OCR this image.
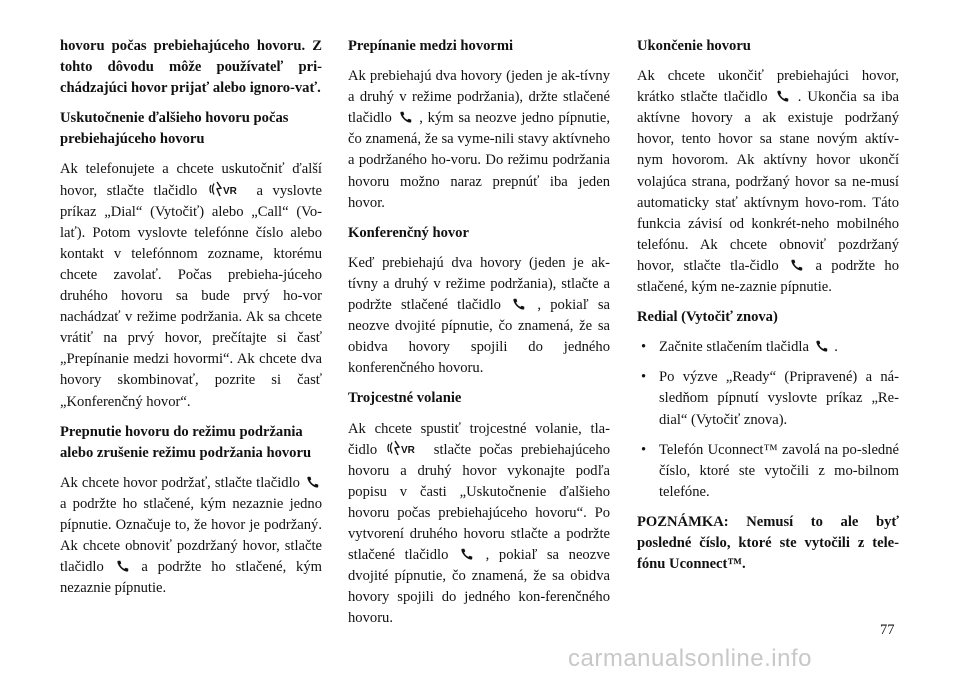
hovoru počas prebiehajúceho hovoru. Z tohto dôvodu môže používateľ pri-chádzajúci hovor prijať alebo ignoro-vať.

Uskutočnenie ďalšieho hovoru počas prebiehajúceho hovoru

Ak telefonujete a chcete uskutočniť ďalší hovor, stlačte tlačidlo	VR a vyslovte príkaz „Dial“ (Vytočiť) alebo „Call“ (Vo-lať). Potom vyslovte telefónne číslo alebo kontakt v telefónnom zozname, ktorému chcete zavolať. Počas prebieha-júceho druhého hovoru sa bude prvý ho-vor nachádzať v režime podržania. Ak sa chcete vrátiť na prvý hovor, prečítajte si časť „Prepínanie medzi hovormi“. Ak chcete dva hovory skombinovať, pozrite si časť „Konferenčný hovor“.

Prepnutie hovoru do režimu podržania alebo zrušenie režimu podržania hovoru

Ak chcete hovor podržať, stlačte tlačidlo  a podržte ho stlačené, kým nezaznie jedno pípnutie. Označuje to, že hovor je podržaný. Ak chcete obnoviť pozdržaný hovor, stlačte tlačidlo	a podržte ho stlačené, kým nezaznie pípnutie.

Prepínanie medzi hovormi

Ak prebiehajú dva hovory (jeden je ak-tívny a druhý v režime podržania), držte stlačené tlačidlo , kým sa neozve jedno pípnutie, čo znamená, že sa vyme-nili stavy aktívneho a podržaného ho-voru. Do režimu podržania hovoru možno naraz prepnúť iba jeden hovor.

Konferenčný hovor

Keď prebiehajú dva hovory (jeden je ak-tívny a druhý v režime podržania), stlačte a podržte stlačené tlačidlo , pokiaľ sa neozve dvojité pípnutie, čo znamená, že sa obidva hovory spojili do jedného konferenčného hovoru.

Trojcestné volanie

Ak chcete spustiť trojcestné volanie, tla-čidlo VR stlačte počas prebiehajúceho hovoru a druhý hovor vykonajte podľa popisu v časti „Uskutočnenie ďalšieho hovoru počas prebiehajúceho hovoru“. Po vytvorení druhého hovoru stlačte a podržte stlačené tlačidlo	, pokiaľ sa neozve dvojité pípnutie, čo znamená, že sa obidva hovory spojili do jedného kon-ferenčného hovoru.

Ukončenie hovoru

Ak chcete ukončiť prebiehajúci hovor, krátko stlačte tlačidlo . Ukončia sa iba aktívne hovory a ak existuje podržaný hovor, tento hovor sa stane novým aktív-nym hovorom. Ak aktívny hovor ukončí volajúca strana, podržaný hovor sa ne-musí automaticky stať aktívnym hovo-rom. Táto funkcia závisí od konkrét-neho mobilného telefónu. Ak chcete obnoviť pozdržaný hovor, stlačte tla-čidlo	a podržte ho stlačené, kým ne-zaznie pípnutie.

Redial (Vytočiť znova)
• Začnite stlačením tlačidla .
• Po výzve „Ready“ (Pripravené) a ná-sledňom pípnutí vyslovte príkaz „Re-dial“ (Vytočiť znova).
• Telefón Uconnect™ zavolá na po-sledné číslo, ktoré ste vytočili z mo-bilnom telefóne.

POZNÁMKA: Nemusí to ale byť posledné číslo, ktoré ste vytočili z tele-fónu Uconnect™.

77
carmanualsonline.info
